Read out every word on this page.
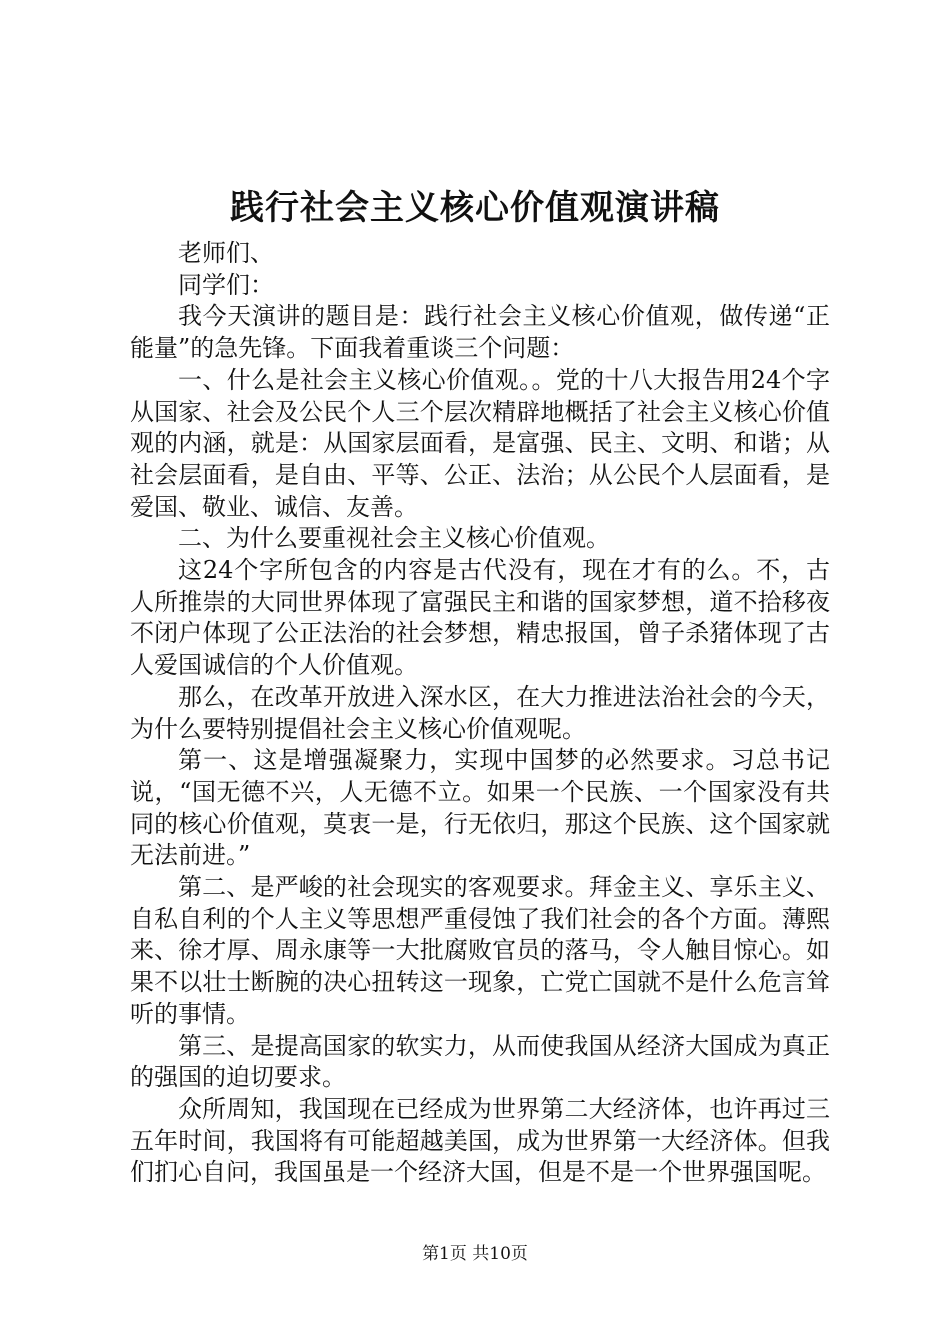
践行社会主义核心价值观演讲稿

老师们、

同学们：

我今天演讲的题目是：践行社会主义核心价值观，做传递“正能量”的急先锋。下面我着重谈三个问题：

一、什么是社会主义核心价值观。。党的十八大报告用24个字从国家、社会及公民个人三个层次精辟地概括了社会主义核心价值观的内涵，就是：从国家层面看，是富强、民主、文明、和谐；从社会层面看，是自由、平等、公正、法治；从公民个人层面看，是爱国、敬业、诚信、友善。

二、为什么要重视社会主义核心价值观。

这24个字所包含的内容是古代没有，现在才有的么。不，古人所推崇的大同世界体现了富强民主和谐的国家梦想，道不拾移夜不闭户体现了公正法治的社会梦想，精忠报国，曾子杀猪体现了古人爱国诚信的个人价值观。

那么，在改革开放进入深水区，在大力推进法治社会的今天，为什么要特别提倡社会主义核心价值观呢。

第一、这是增强凝聚力，实现中国梦的必然要求。习总书记说，“国无德不兴，人无德不立。如果一个民族、一个国家没有共同的核心价值观，莫衷一是，行无依归，那这个民族、这个国家就无法前进。”

第二、是严峻的社会现实的客观要求。拜金主义、享乐主义、自私自利的个人主义等思想严重侵蚀了我们社会的各个方面。薄熙来、徐才厚、周永康等一大批腐败官员的落马，令人触目惊心。如果不以壮士断腕的决心扭转这一现象，亡党亡国就不是什么危言耸听的事情。

第三、是提高国家的软实力，从而使我国从经济大国成为真正的强国的迫切要求。

众所周知，我国现在已经成为世界第二大经济体，也许再过三五年时间，我国将有可能超越美国，成为世界第一大经济体。但我们扪心自问，我国虽是一个经济大国，但是不是一个世界强国呢。

第1页 共10页
